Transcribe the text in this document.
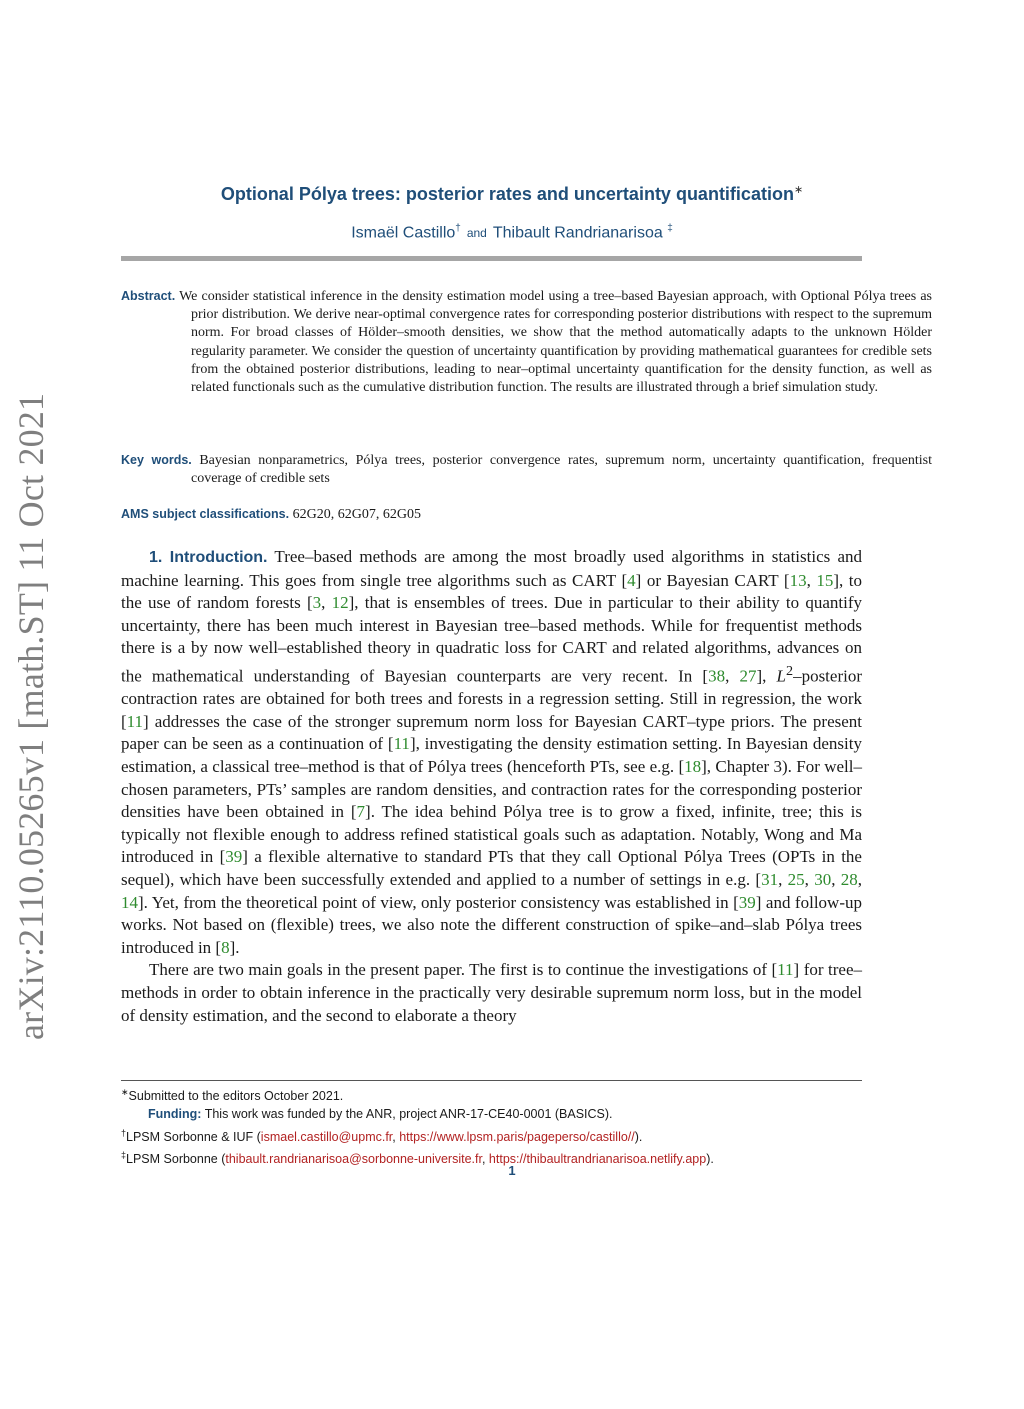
arXiv:2110.05265v1 [math.ST] 11 Oct 2021
Optional Pólya trees: posterior rates and uncertainty quantification∗
Ismaël Castillo† and Thibault Randrianarisoa ‡
Abstract. We consider statistical inference in the density estimation model using a tree–based Bayesian approach, with Optional Pólya trees as prior distribution. We derive near-optimal convergence rates for corresponding posterior distributions with respect to the supremum norm. For broad classes of Hölder–smooth densities, we show that the method automatically adapts to the unknown Hölder regularity parameter. We consider the question of uncertainty quantification by providing mathematical guarantees for credible sets from the obtained posterior distributions, leading to near–optimal uncertainty quantification for the density function, as well as related functionals such as the cumulative distribution function. The results are illustrated through a brief simulation study.
Key words. Bayesian nonparametrics, Pólya trees, posterior convergence rates, supremum norm, uncertainty quantification, frequentist coverage of credible sets
AMS subject classifications. 62G20, 62G07, 62G05

1. Introduction. Tree–based methods are among the most broadly used algorithms in statistics and machine learning. This goes from single tree algorithms such as CART [4] or Bayesian CART [13, 15], to the use of random forests [3, 12], that is ensembles of trees. Due in particular to their ability to quantify uncertainty, there has been much interest in Bayesian tree–based methods. While for frequentist methods there is a by now well–established theory in quadratic loss for CART and related algorithms, advances on the mathematical understanding of Bayesian counterparts are very recent. In [38, 27], $L^2$–posterior contraction rates are obtained for both trees and forests in a regression setting. Still in regression, the work [11] addresses the case of the stronger supremum norm loss for Bayesian CART–type priors. The present paper can be seen as a continuation of [11], investigating the density estimation setting. In Bayesian density estimation, a classical tree–method is that of Pólya trees (henceforth PTs, see e.g. [18], Chapter 3). For well–chosen parameters, PTs’ samples are random densities, and contraction rates for the corresponding posterior densities have been obtained in [7]. The idea behind Pólya tree is to grow a fixed, infinite, tree; this is typically not flexible enough to address refined statistical goals such as adaptation. Notably, Wong and Ma introduced in [39] a flexible alternative to standard PTs that they call Optional Pólya Trees (OPTs in the sequel), which have been successfully extended and applied to a number of settings in e.g. [31, 25, 30, 28, 14]. Yet, from the theoretical point of view, only posterior consistency was established in [39] and follow-up works. Not based on (flexible) trees, we also note the different construction of spike–and–slab Pólya trees introduced in [8].

There are two main goals in the present paper. The first is to continue the investigations of [11] for tree–methods in order to obtain inference in the practically very desirable supremum norm loss, but in the model of density estimation, and the second to elaborate a theory

∗Submitted to the editors October 2021.
Funding: This work was funded by the ANR, project ANR-17-CE40-0001 (BASICS).
†LPSM Sorbonne & IUF (ismael.castillo@upmc.fr, https://www.lpsm.paris/pageperso/castillo//).
‡LPSM Sorbonne (thibault.randrianarisoa@sorbonne-universite.fr, https://thibaultrandrianarisoa.netlify.app).
1
